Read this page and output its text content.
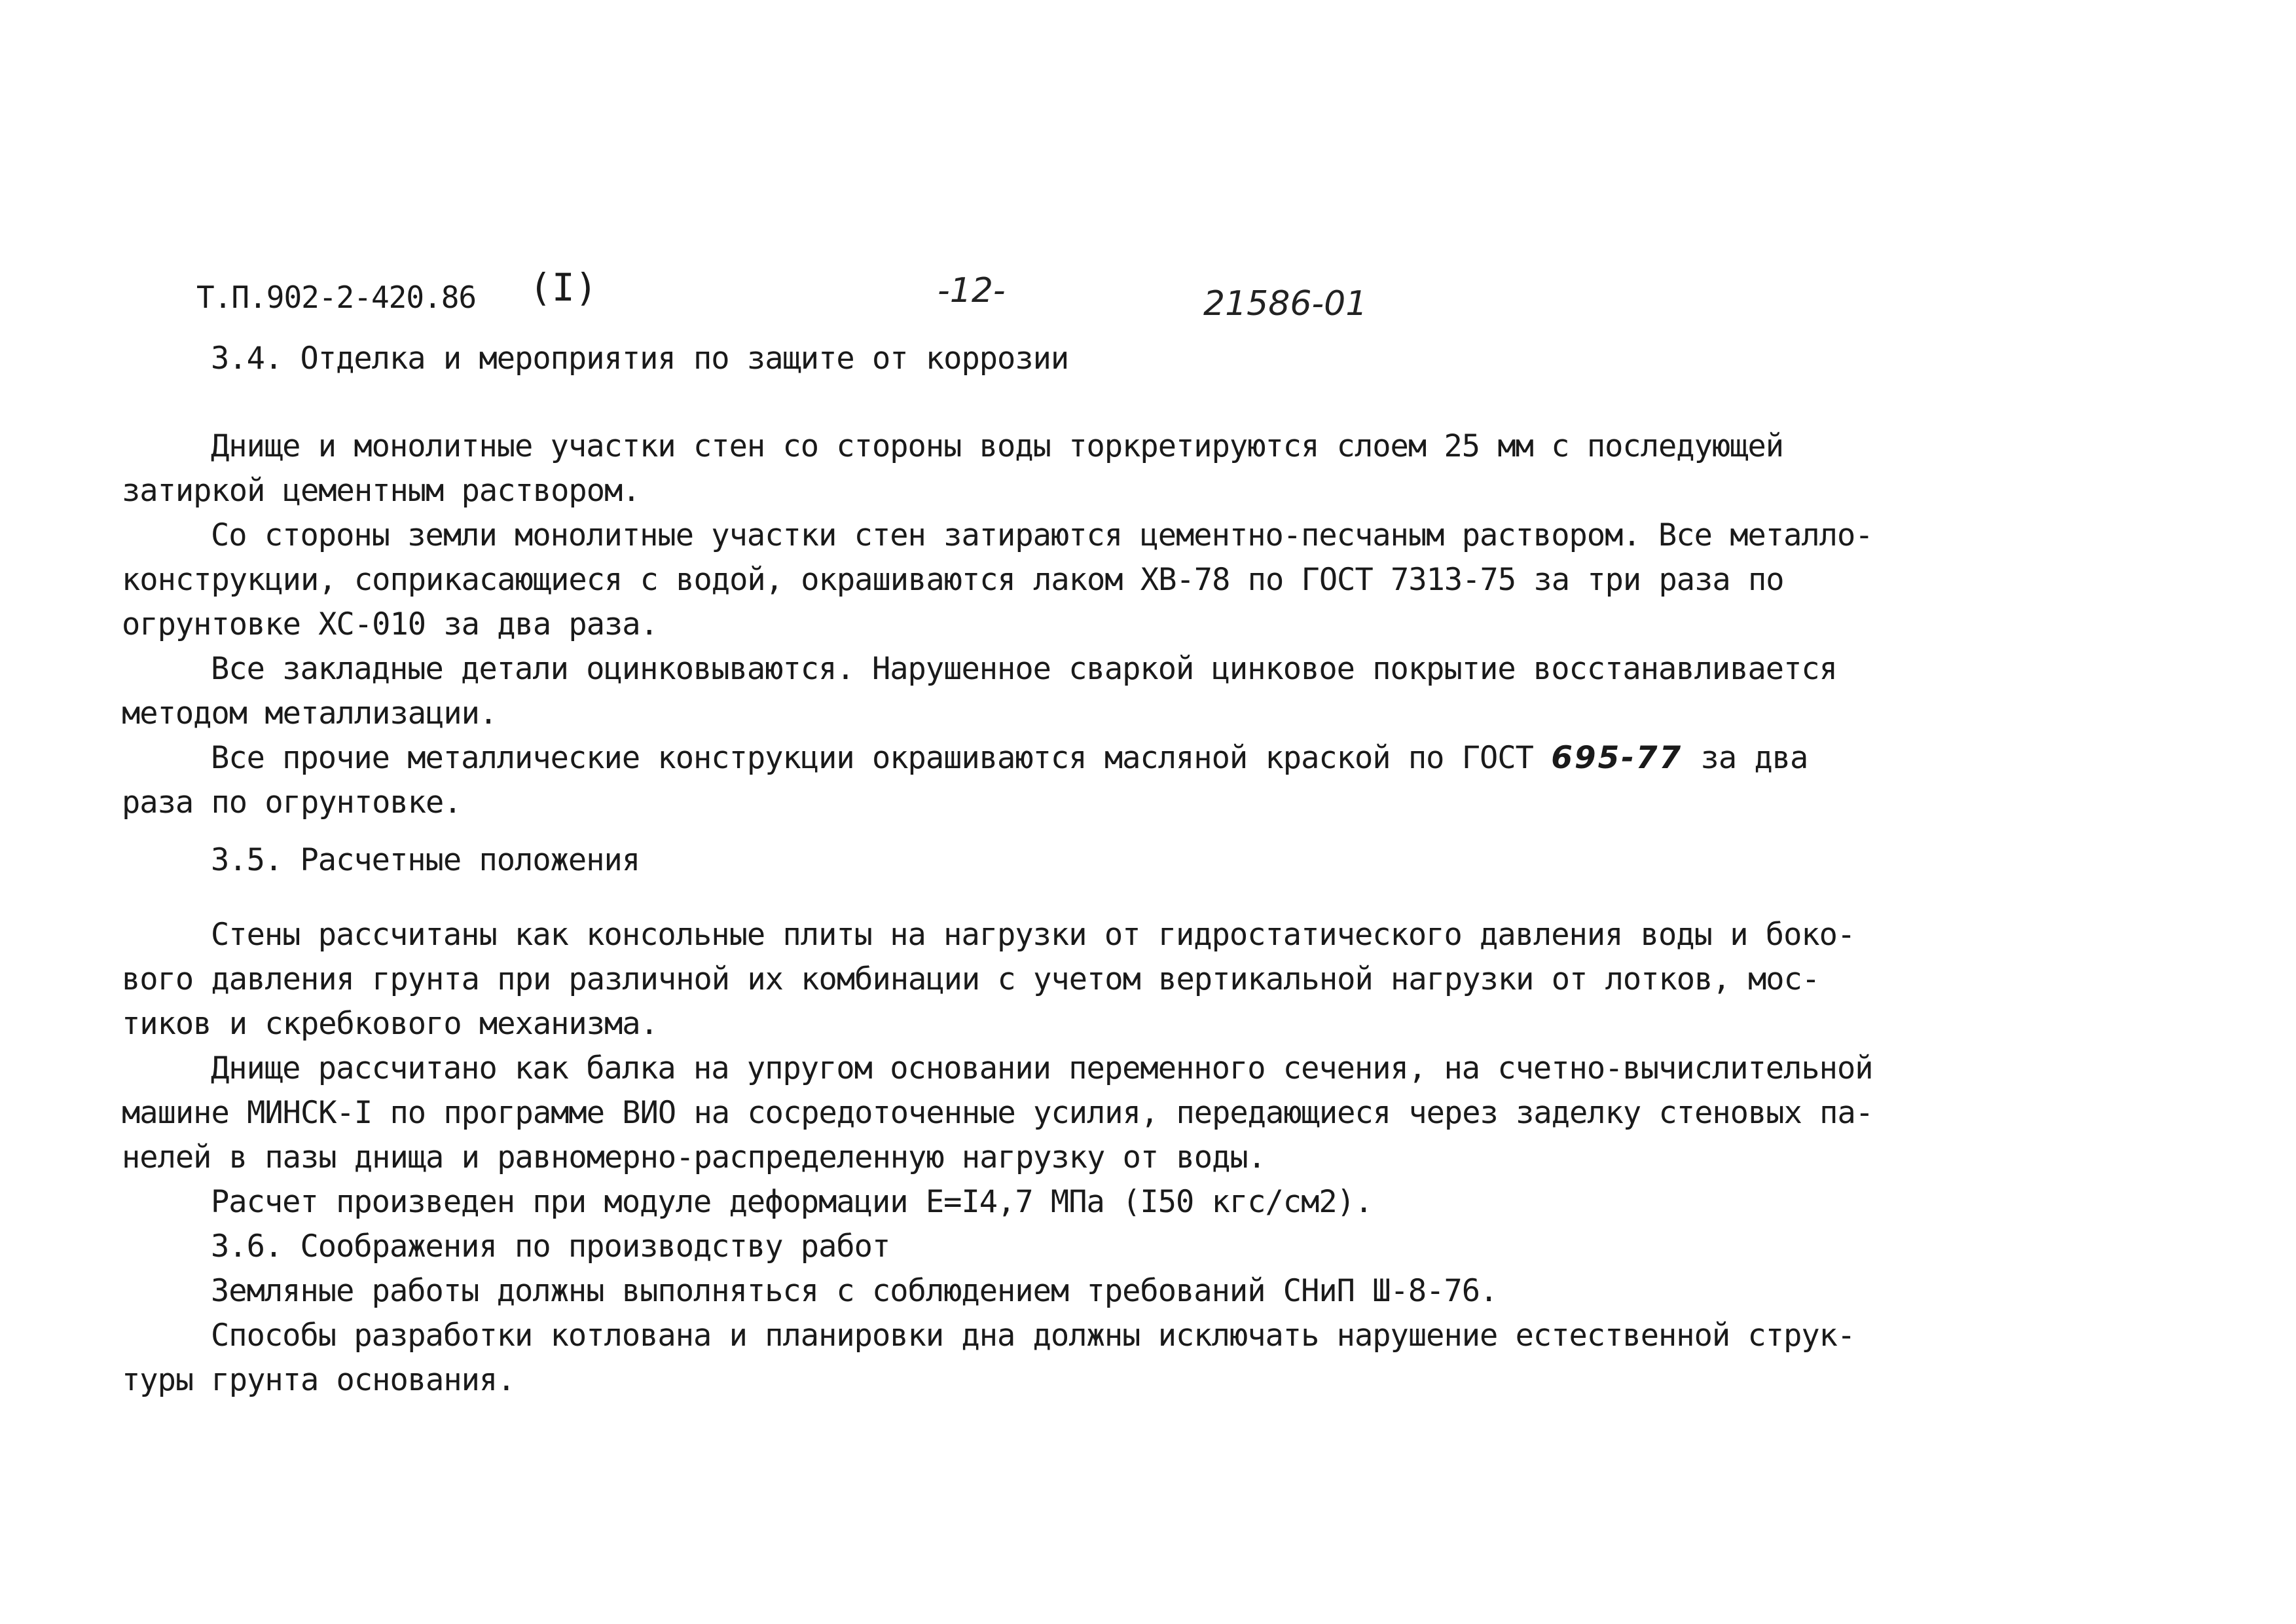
Т.П.902-2-420.86 (I)	-12-	21586-01
3.4. Отделка и мероприятия по защите от коррозии
Днище и монолитные участки стен со стороны воды торкретируются слоем 25 мм с последующей
затиркой цементным раствором.
Со стороны земли монолитные участки стен затираются цементно-песчаным раствором. Все металло-
конструкции, соприкасающиеся с водой, окрашиваются лаком ХВ-78 по ГОСТ 7313-75 за три раза по
огрунтовке ХС-010 за два раза.
Все закладные детали оцинковываются. Нарушенное сваркой цинковое покрытие восстанавливается
методом металлизации.
Все прочие металлические конструкции окрашиваются масляной краской по ГОСТ 695-77 за два
раза по огрунтовке.
3.5. Расчетные положения
Стены рассчитаны как консольные плиты на нагрузки от гидростатического давления воды и боко-
вого давления грунта при различной их комбинации с учетом вертикальной нагрузки от лотков, мос-
тиков и скребкового механизма.
Днище рассчитано как балка на упругом основании переменного сечения, на счетно-вычислительной
машине МИНСК-I по программе ВИО на сосредоточенные усилия, передающиеся через заделку стеновых па-
нелей в пазы днища и равномерно-распределенную нагрузку от воды.
Расчет произведен при модуле деформации Е=I4,7 МПа (I50 кгс/см2).
3.6. Соображения по производству работ
Земляные работы должны выполняться с соблюдением требований СНиП Ш-8-76.
Способы разработки котлована и планировки дна должны исключать нарушение естественной струк-
туры грунта основания.
